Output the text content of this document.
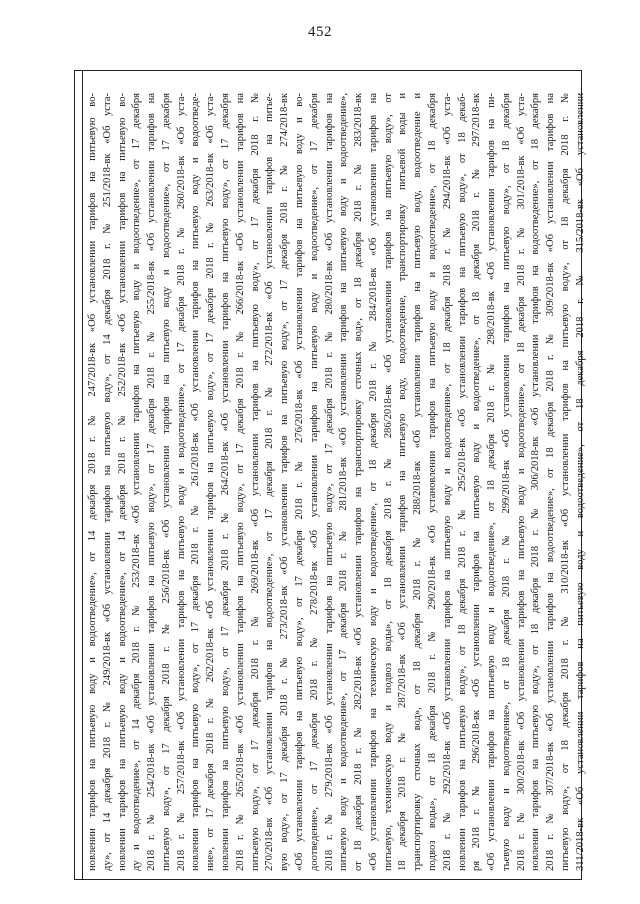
452
новлении тарифов на питьевую воду и водоотведение», от 14 декабря 2018 г. № 247/2018-вк «Об установлении тарифов на питьевую во- ду», от 14 декабря 2018 г. № 249/2018-вк «Об установлении тарифов на питьевую воду», от 14 декабря 2018 г. № 251/2018-вк «Об уста- новлении тарифов на питьевую воду и водоотведение», от 14 декабря 2018 г. № 252/2018-вк «Об установлении тарифов на питьевую во- ду и водоотведение», от 14 декабря 2018 г. № 253/2018-вк «Об установлении тарифов на питьевую воду и водоотведение», от 17 декабря 2018 г. № 254/2018-вк «Об установлении тарифов на питьевую воду», от 17 декабря 2018 г. № 255/2018-вк «Об установлении тарифов на питьевую воду», от 17 декабря 2018 г. № 256/2018-вк «Об установлении тарифов на питьевую воду и водоотведение», от 17 декабря 2018 г. № 257/2018-вк «Об установлении тарифов на питьевую воду и водоотведение», от 17 декабря 2018 г. № 260/2018-вк «Об уста- новлении тарифов на питьевую воду», от 17 декабря 2018 г. № 261/2018-вк «Об установлении тарифов на питьевую воду и водоотведе- ние», от 17 декабря 2018 г. № 262/2018-вк «Об установлении тарифов на питьевую воду», от 17 декабря 2018 г. № 263/2018-вк «Об уста- новлении тарифов на питьевую воду», от 17 декабря 2018 г. № 264/2018-вк «Об установлении тарифов на питьевую воду», от 17 декабря 2018 г. № 265/2018-вк «Об установлении тарифов на питьевую воду», от 17 декабря 2018 г. № 266/2018-вк «Об установлении тарифов на питьевую воду», от 17 декабря 2018 г. № 269/2018-вк «Об установлении тарифов на питьевую воду», от 17 декабря 2018 г. № 270/2018-вк «Об установлении тарифов на водоотведение», от 17 декабря 2018 г. № 272/2018-вк «Об установлении тарифов на питье- вую воду», от 17 декабря 2018 г. № 273/2018-вк «Об установлении тарифов на питьевую воду», от 17 декабря 2018 г. № 274/2018-вк «Об установлении тарифов на питьевую воду», от 17 декабря 2018 г. № 276/2018-вк «Об установлении тарифов на питьевую воду и во- доотведение», от 17 декабря 2018 г. № 278/2018-вк «Об установлении тарифов на питьевую воду и водоотведение», от 17 декабря 2018 г. № 279/2018-вк «Об установлении тарифов на питьевую воду», от 17 декабря 2018 г. № 280/2018-вк «Об установлении тарифов на питьевую воду и водоотведение», от 17 декабря 2018 г. № 281/2018-вк «Об установлении тарифов на питьевую воду и водоотведение», от 18 декабря 2018 г. № 282/2018-вк «Об установлении тарифов на транспортировку сточных вод», от 18 декабря 2018 г. № 283/2018-вк «Об установлении тарифов на техническую воду и водоотведение», от 18 декабря 2018 г. № 284/2018-вк «Об установлении тарифов на питьевую, техническую воду и подвоз воды», от 18 декабря 2018 г. № 286/2018-вк «Об установлении тарифов на питьевую воду», от 18 декабря 2018 г. № 287/2018-вк «Об установлении тарифов на питьевую воду, водоотведение, транспортировку питьевой воды и транспортировку сточных вод», от 18 декабря 2018 г. № 288/2018-вк «Об установлении тарифов на питьевую воду, водоотведение и подвоз воды», от 18 декабря 2018 г. № 290/2018-вк «Об установлении тарифов на питьевую воду и водоотведение», от 18 декабря 2018 г. № 292/2018-вк «Об установлении тарифов на питьевую воду и водоотведение», от 18 декабря 2018 г. № 294/2018-вк «Об уста- новлении тарифов на питьевую воду», от 18 декабря 2018 г. № 295/2018-вк «Об установлении тарифов на питьевую воду», от 18 декаб- ря 2018 г. № 296/2018-вк «Об установлении тарифов на питьевую воду и водоотведение», от 18 декабря 2018 г. № 297/2018-вк «Об установлении тарифов на питьевую воду и водоотведение», от 18 декабря 2018 г. № 298/2018-вк «Об установлении тарифов на пи- тьевую воду и водоотведение», от 18 декабря 2018 г. № 299/2018-вк «Об установлении тарифов на питьевую воду», от 18 декабря 2018 г. № 300/2018-вк «Об установлении тарифов на питьевую воду и водоотведение», от 18 декабря 2018 г. № 301/2018-вк «Об уста- новлении тарифов на питьевую воду», от 18 декабря 2018 г. № 306/2018-вк «Об установлении тарифов на водоотведение», от 18 декабря 2018 г. № 307/2018-вк «Об установлении тарифов на водоотведение», от 18 декабря 2018 г. № 309/2018-вк «Об установлении тарифов на питьевую воду», от 18 декабря 2018 г. № 310/2018-вк «Об установлении тарифов на питьевую воду», от 18 декабря 2018 г. № 311/2018-вк «Об установлении тарифов на питьевую воду и водоотведение», от 18 декабря 2018 г. № 315/2018-вк «Об установлении
